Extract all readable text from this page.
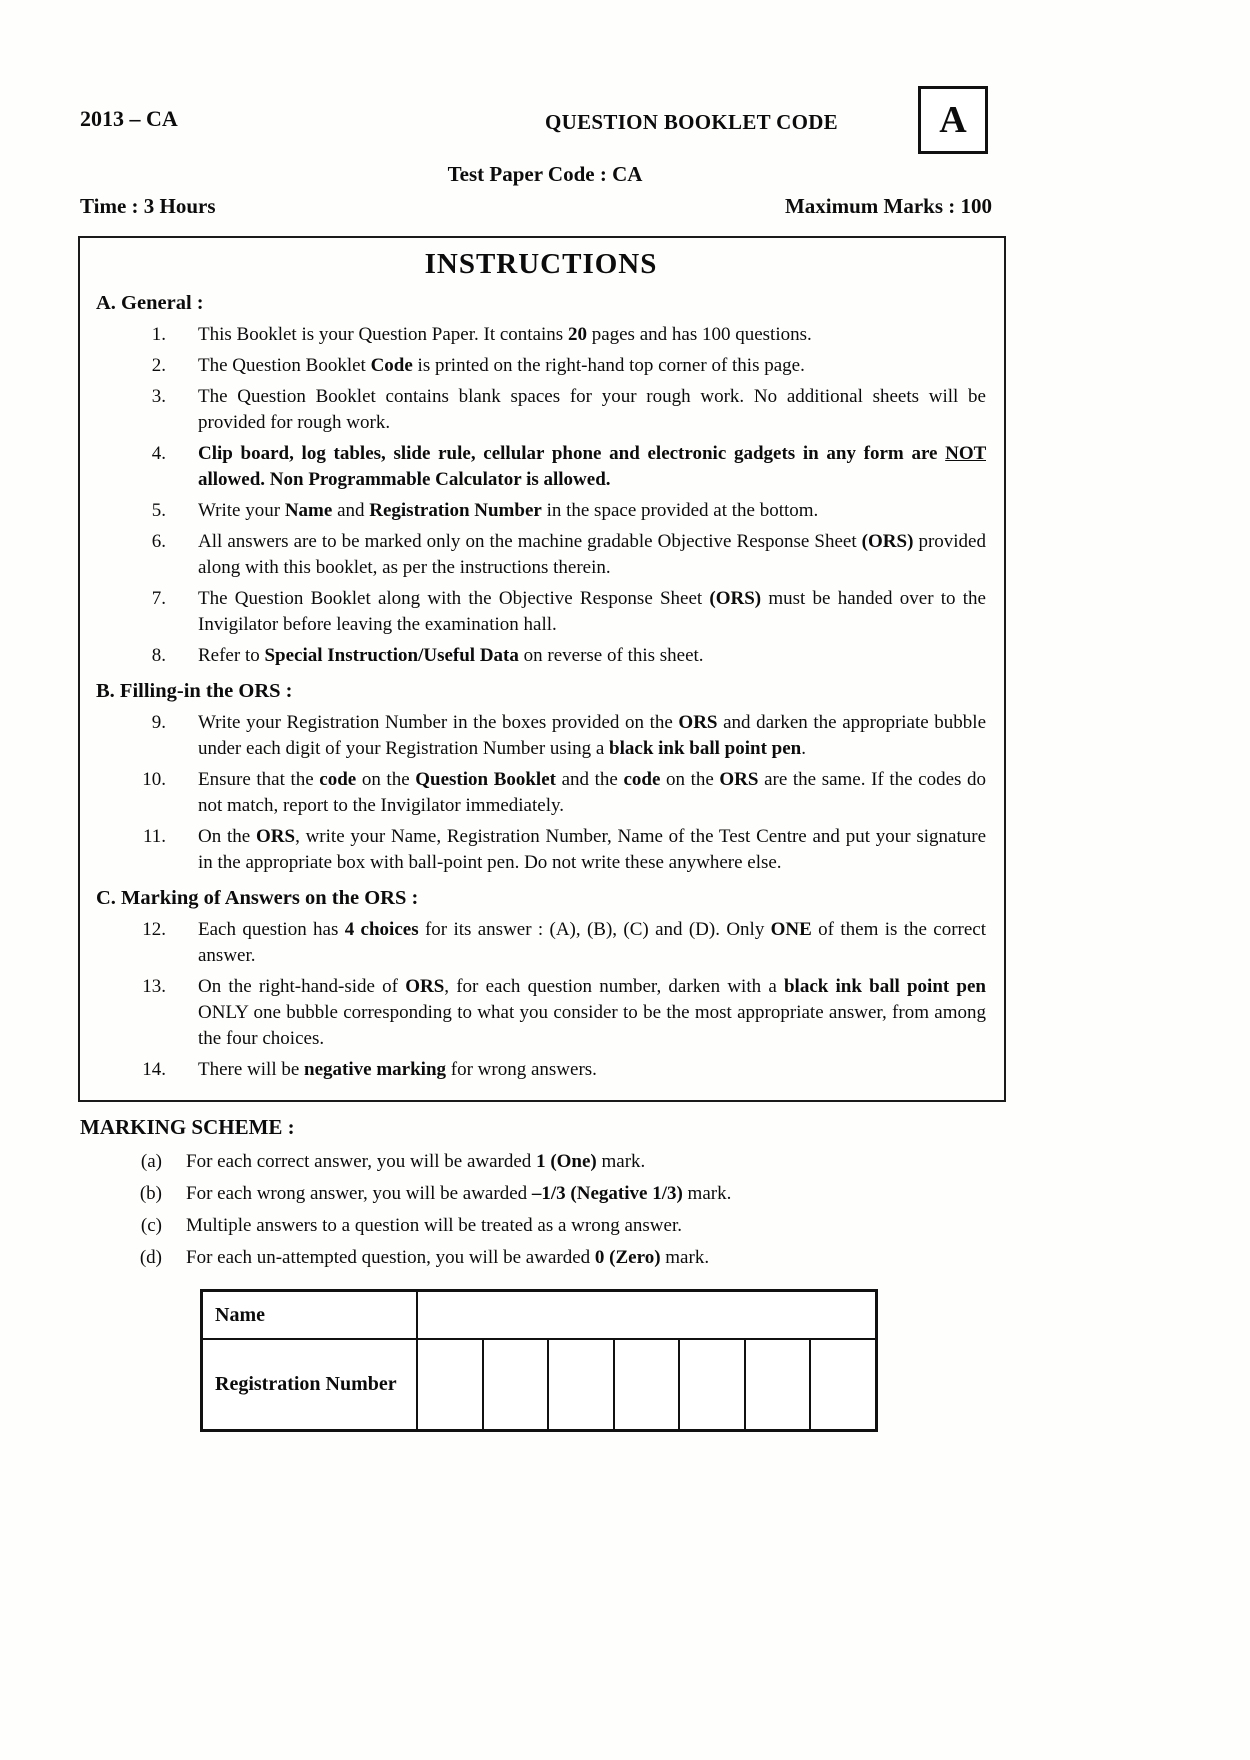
2013 – CA	QUESTION BOOKLET CODE	A
Test Paper Code : CA
Time : 3 Hours	Maximum Marks : 100
INSTRUCTIONS
A. General :
1. This Booklet is your Question Paper. It contains 20 pages and has 100 questions.
2. The Question Booklet Code is printed on the right-hand top corner of this page.
3. The Question Booklet contains blank spaces for your rough work. No additional sheets will be provided for rough work.
4. Clip board, log tables, slide rule, cellular phone and electronic gadgets in any form are NOT allowed. Non Programmable Calculator is allowed.
5. Write your Name and Registration Number in the space provided at the bottom.
6. All answers are to be marked only on the machine gradable Objective Response Sheet (ORS) provided along with this booklet, as per the instructions therein.
7. The Question Booklet along with the Objective Response Sheet (ORS) must be handed over to the Invigilator before leaving the examination hall.
8. Refer to Special Instruction/Useful Data on reverse of this sheet.
B. Filling-in the ORS :
9. Write your Registration Number in the boxes provided on the ORS and darken the appropriate bubble under each digit of your Registration Number using a black ink ball point pen.
10. Ensure that the code on the Question Booklet and the code on the ORS are the same. If the codes do not match, report to the Invigilator immediately.
11. On the ORS, write your Name, Registration Number, Name of the Test Centre and put your signature in the appropriate box with ball-point pen. Do not write these anywhere else.
C. Marking of Answers on the ORS :
12. Each question has 4 choices for its answer : (A), (B), (C) and (D). Only ONE of them is the correct answer.
13. On the right-hand-side of ORS, for each question number, darken with a black ink ball point pen ONLY one bubble corresponding to what you consider to be the most appropriate answer, from among the four choices.
14. There will be negative marking for wrong answers.
MARKING SCHEME :
(a) For each correct answer, you will be awarded 1 (One) mark.
(b) For each wrong answer, you will be awarded –1/3 (Negative 1/3) mark.
(c) Multiple answers to a question will be treated as a wrong answer.
(d) For each un-attempted question, you will be awarded 0 (Zero) mark.
Name							
Registration Number							
